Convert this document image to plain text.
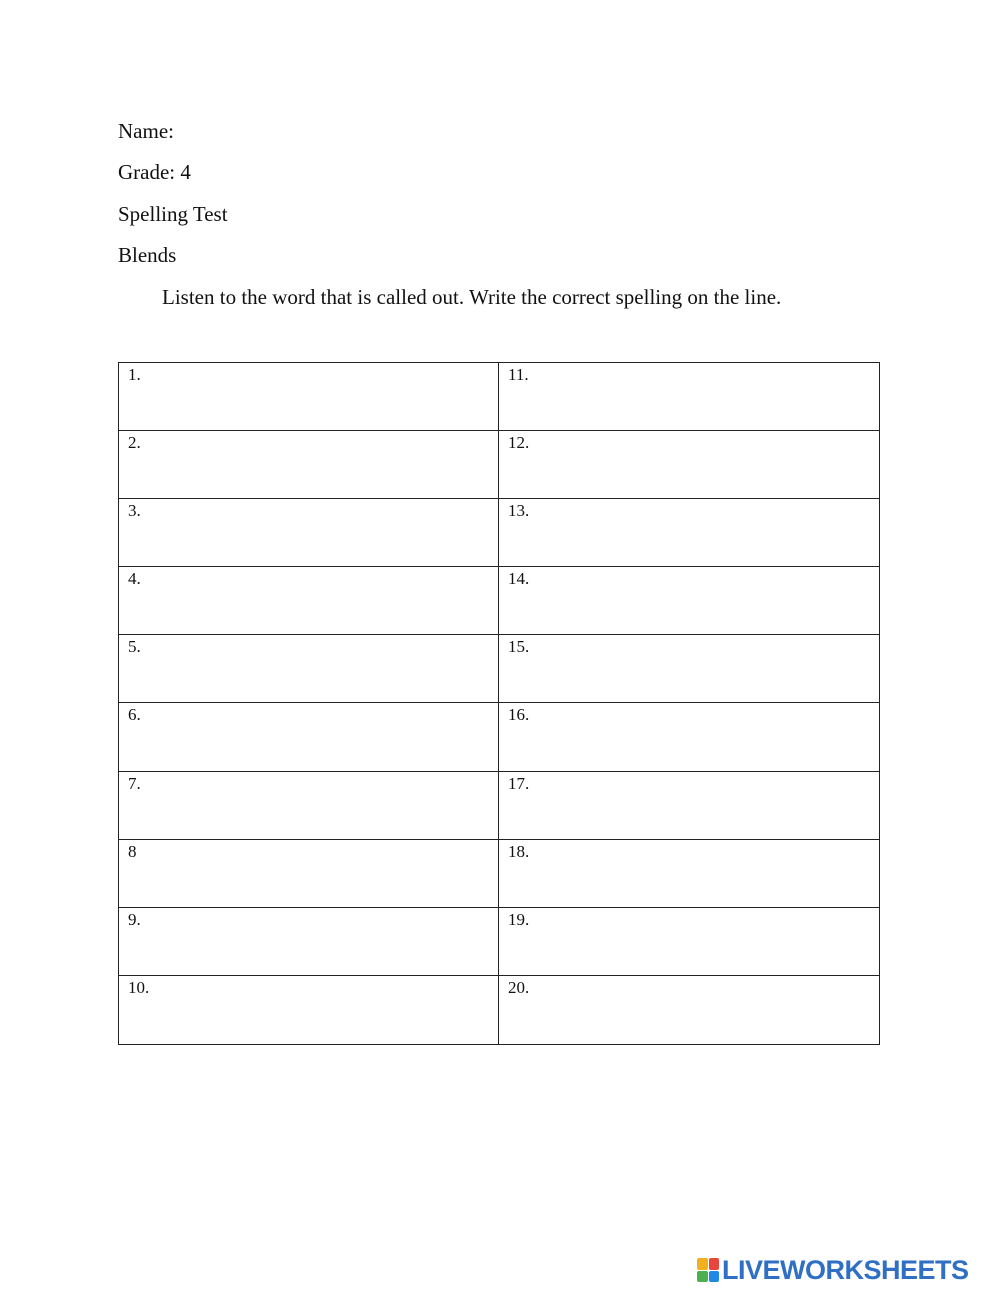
Name:
Grade: 4
Spelling Test
Blends
Listen to the word that is called out. Write the correct spelling on the line.
1.	11.
2.	12.
3.	13.
4.	14.
5.	15.
6.	16.
7.	17.
8	18.
9.	19.
10.	20.
LIVEWORKSHEETS
